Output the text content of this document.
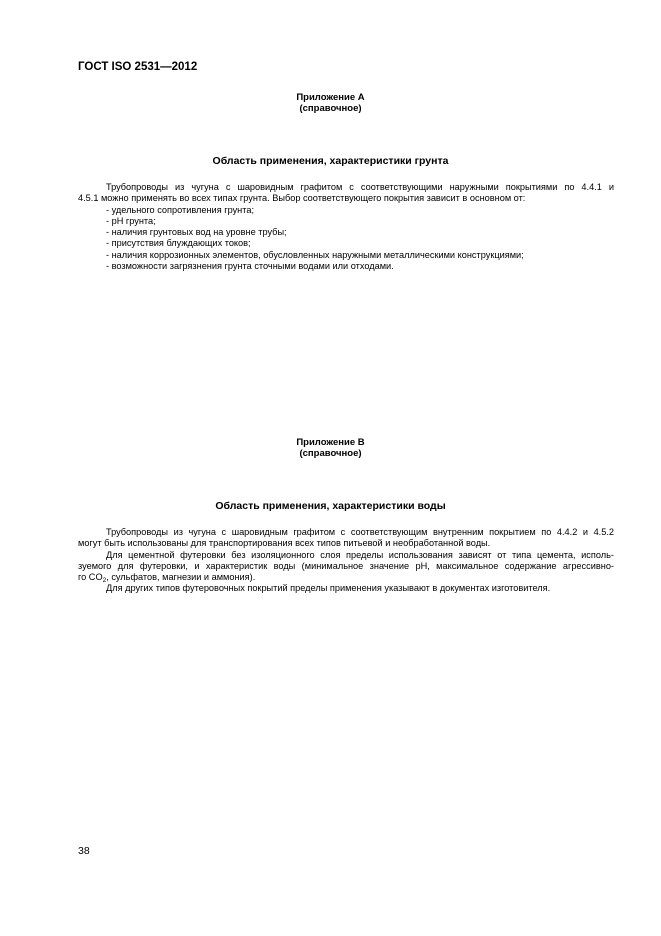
ГОСТ ISO 2531—2012
Приложение А
(справочное)
Область применения, характеристики грунта

Трубопроводы из чугуна с шаровидным графитом с соответствующими наружными покрытиями по 4.4.1 и
4.5.1 можно применять во всех типах грунта. Выбор соответствующего покрытия зависит в основном от:

- удельного сопротивления грунта;
- pH грунта;
- наличия грунтовых вод на уровне трубы;
- присутствия блуждающих токов;
- наличия коррозионных элементов, обусловленных наружными металлическими конструкциями;
- возможности загрязнения грунта сточными водами или отходами.
Приложение В
(справочное)
Область применения, характеристики воды

Трубопроводы из чугуна с шаровидным графитом с соответствующим внутренним покрытием по 4.4.2 и 4.5.2
могут быть использованы для транспортирования всех типов питьевой и необработанной воды.

Для цементной футеровки без изоляционного слоя пределы использования зависят от типа цемента, исполь-
зуемого для футеровки, и характеристик воды (минимальное значение pH, максимальное содержание агрессивно-
го $CO_2$, сульфатов, магнезии и аммония).

Для других типов футеровочных покрытий пределы применения указывают в документах изготовителя.

38
